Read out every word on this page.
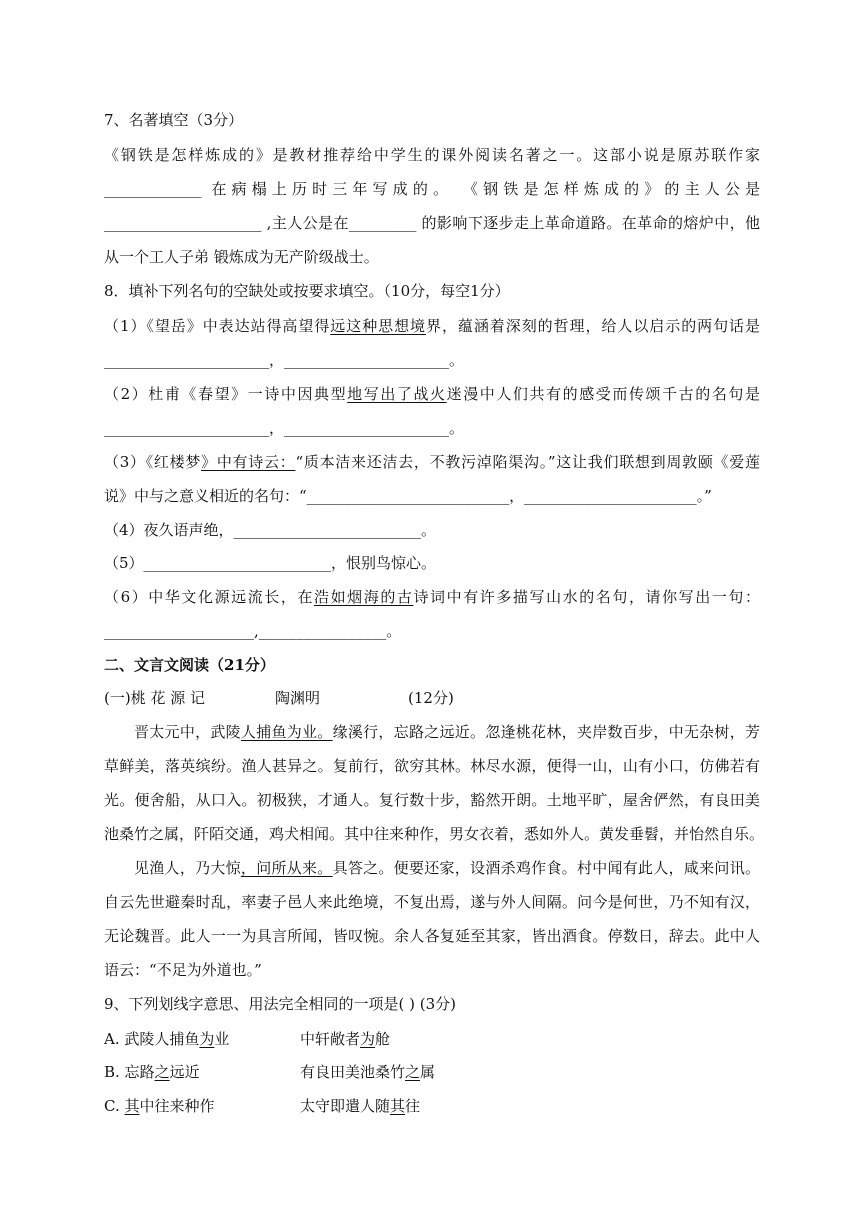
7、名著填空（3分）
《钢铁是怎样炼成的》是教材推荐给中学生的课外阅读名著之一。这部小说是原苏联作家
_____________ 在病榻上历时三年写成的。 《钢铁是怎样炼成的》的主人公是
_____________________ ,主人公是在_________ 的影响下逐步走上革命道路。在革命的熔炉中，他
从一个工人子弟 锻炼成为无产阶级战士。
8．填补下列名句的空缺处或按要求填空。（10分，每空1分）
（1）《望岳》中表达站得高望得远这种思想境界，蕴涵着深刻的哲理，给人以启示的两句话是
______________________，______________________。
（2）杜甫《春望》一诗中因典型地写出了战火迷漫中人们共有的感受而传颂千古的名句是
______________________，______________________。
（3）《红楼梦》中有诗云：“质本洁来还洁去，不教污淖陷渠沟。”这让我们联想到周敦颐《爱莲
说》中与之意义相近的名句：“___________________________，_______________________。”
（4）夜久语声绝，_________________________。
（5）_________________________，恨别鸟惊心。
（6）中华文化源远流长，在浩如烟海的古诗词中有许多描写山水的名句，请你写出一句：
____________________,_________________。
二、文言文阅读（21分）
(一)桃 花 源 记	陶渊明	(12分)
晋太元中，武陵人捕鱼为业。缘溪行，忘路之远近。忽逢桃花林，夹岸数百步，中无杂树，芳
草鲜美，落英缤纷。渔人甚异之。复前行，欲穷其林。林尽水源，便得一山，山有小口，仿佛若有
光。便舍船，从口入。初极狭，才通人。复行数十步，豁然开朗。土地平旷，屋舍俨然，有良田美
池桑竹之属，阡陌交通，鸡犬相闻。其中往来种作，男女衣着，悉如外人。黄发垂髫，并怡然自乐。
见渔人，乃大惊，问所从来。具答之。便要还家，设酒杀鸡作食。村中闻有此人，咸来问讯。
自云先世避秦时乱，率妻子邑人来此绝境，不复出焉，遂与外人间隔。问今是何世，乃不知有汉，
无论魏晋。此人一一为具言所闻，皆叹惋。余人各复延至其家，皆出酒食。停数日，辞去。此中人
语云：“不足为外道也。”
9、下列划线字意思、用法完全相同的一项是( ) (3分)
A. 武陵人捕鱼为业	中轩敞者为舱
B. 忘路之远近	有良田美池桑竹之属
C. 其中往来种作	太守即遣人随其往
